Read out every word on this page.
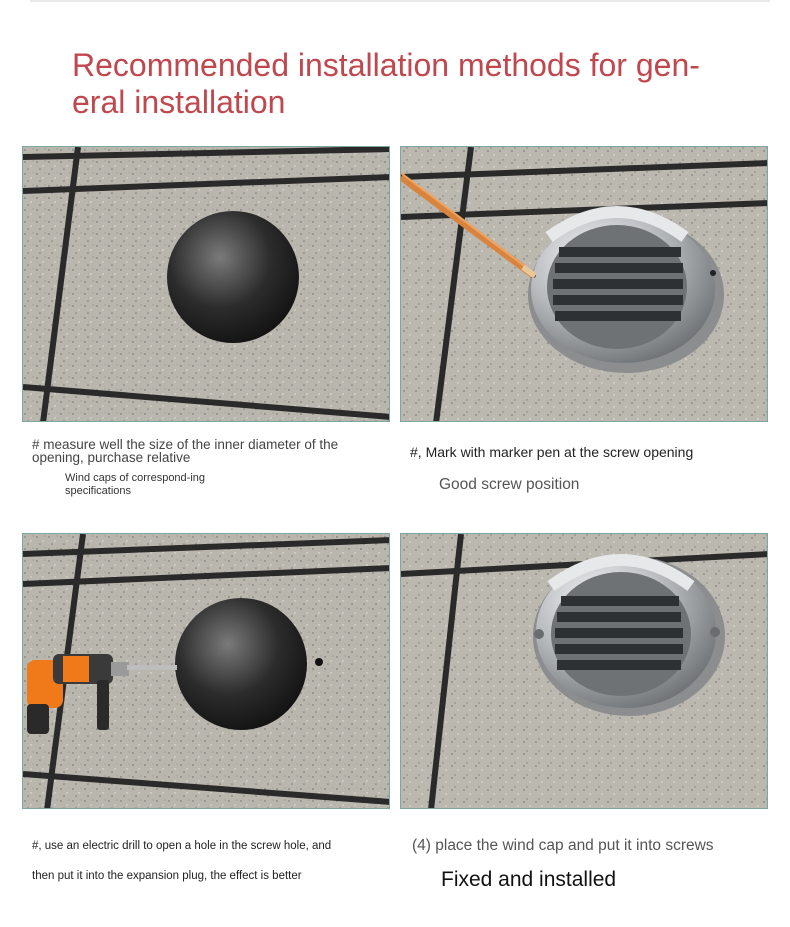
Recommended installation methods for gen-eral installation
# measure well the size of the inner diameter of the opening, purchase relative
Wind caps of correspond-ing specifications
#, Mark with marker pen at the screw opening
Good screw position
#, use an electric drill to open a hole in the screw hole, and
then put it into the expansion plug, the effect is better
(4) place the wind cap and put it into screws
Fixed and installed
